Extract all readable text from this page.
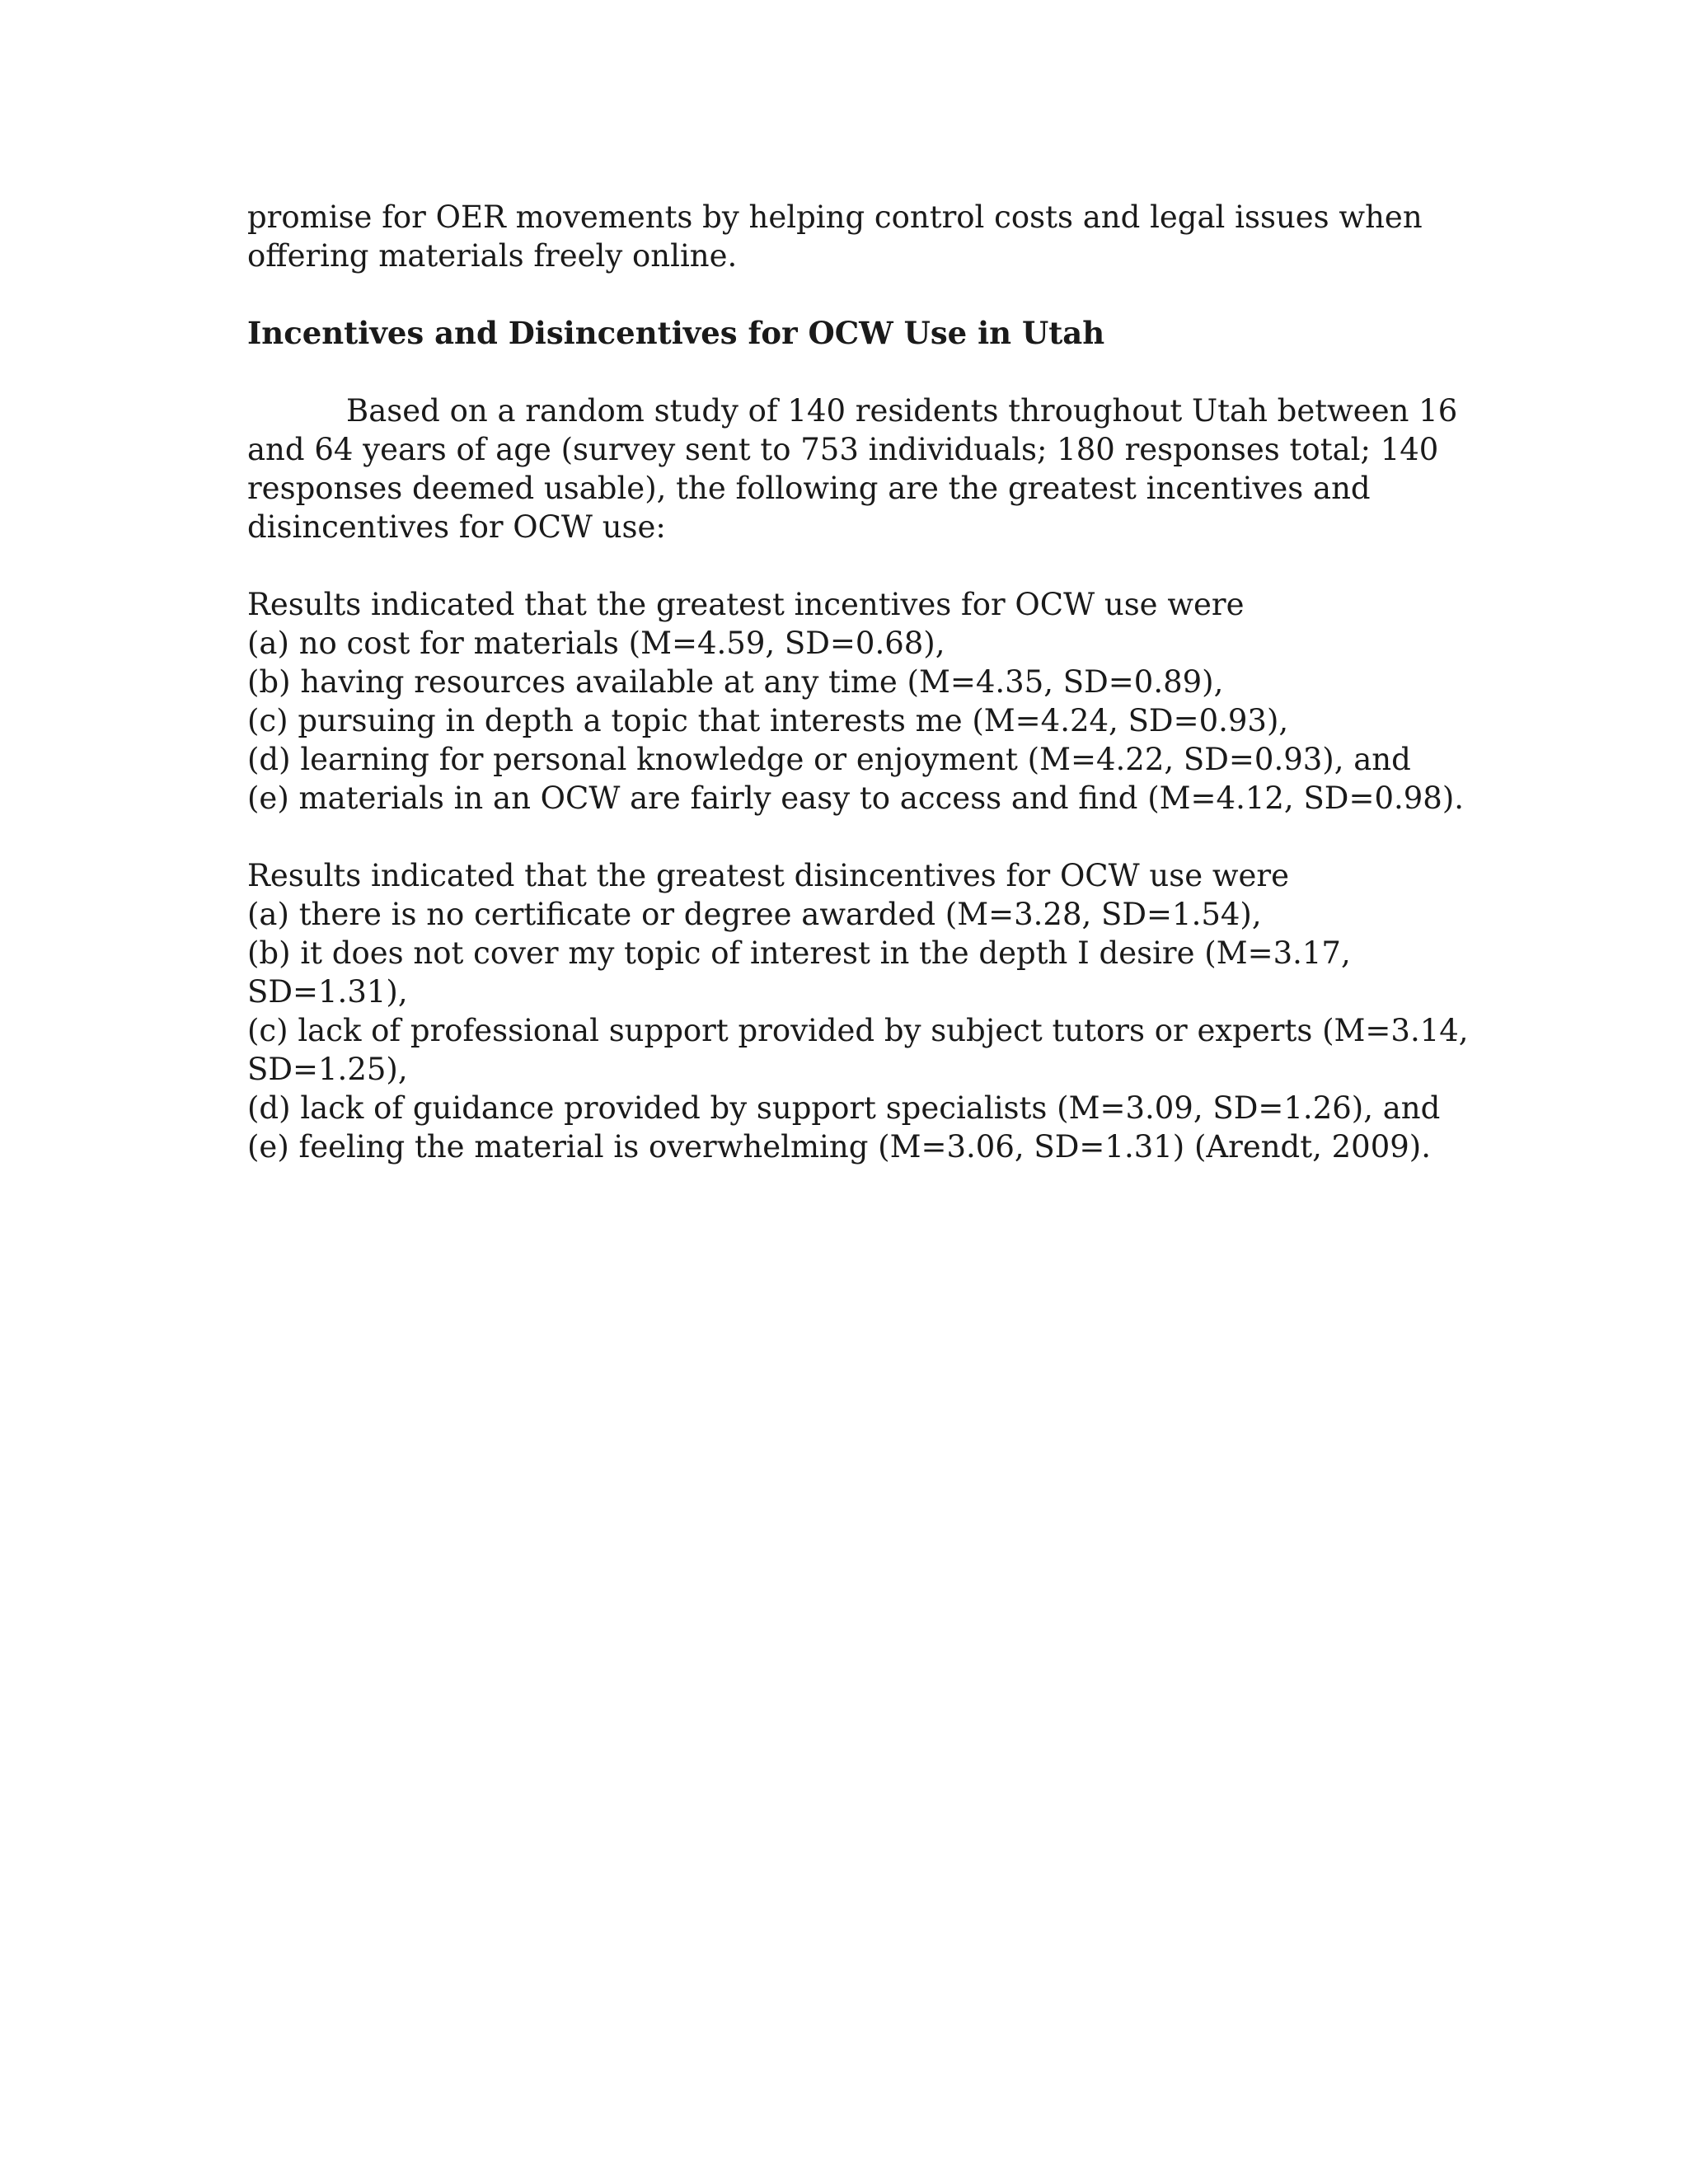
promise for OER movements by helping control costs and legal issues when
offering materials freely online.
Incentives and Disincentives for OCW Use in Utah
Based on a random study of 140 residents throughout Utah between 16
and 64 years of age (survey sent to 753 individuals; 180 responses total; 140
responses deemed usable), the following are the greatest incentives and
disincentives for OCW use:
Results indicated that the greatest incentives for OCW use were
(a) no cost for materials (M=4.59, SD=0.68),
(b) having resources available at any time (M=4.35, SD=0.89),
(c) pursuing in depth a topic that interests me (M=4.24, SD=0.93),
(d) learning for personal knowledge or enjoyment (M=4.22, SD=0.93), and
(e) materials in an OCW are fairly easy to access and find (M=4.12, SD=0.98).
Results indicated that the greatest disincentives for OCW use were
(a) there is no certificate or degree awarded (M=3.28, SD=1.54),
(b) it does not cover my topic of interest in the depth I desire (M=3.17,
SD=1.31),
(c) lack of professional support provided by subject tutors or experts (M=3.14,
SD=1.25),
(d) lack of guidance provided by support specialists (M=3.09, SD=1.26), and
(e) feeling the material is overwhelming (M=3.06, SD=1.31) (Arendt, 2009).
